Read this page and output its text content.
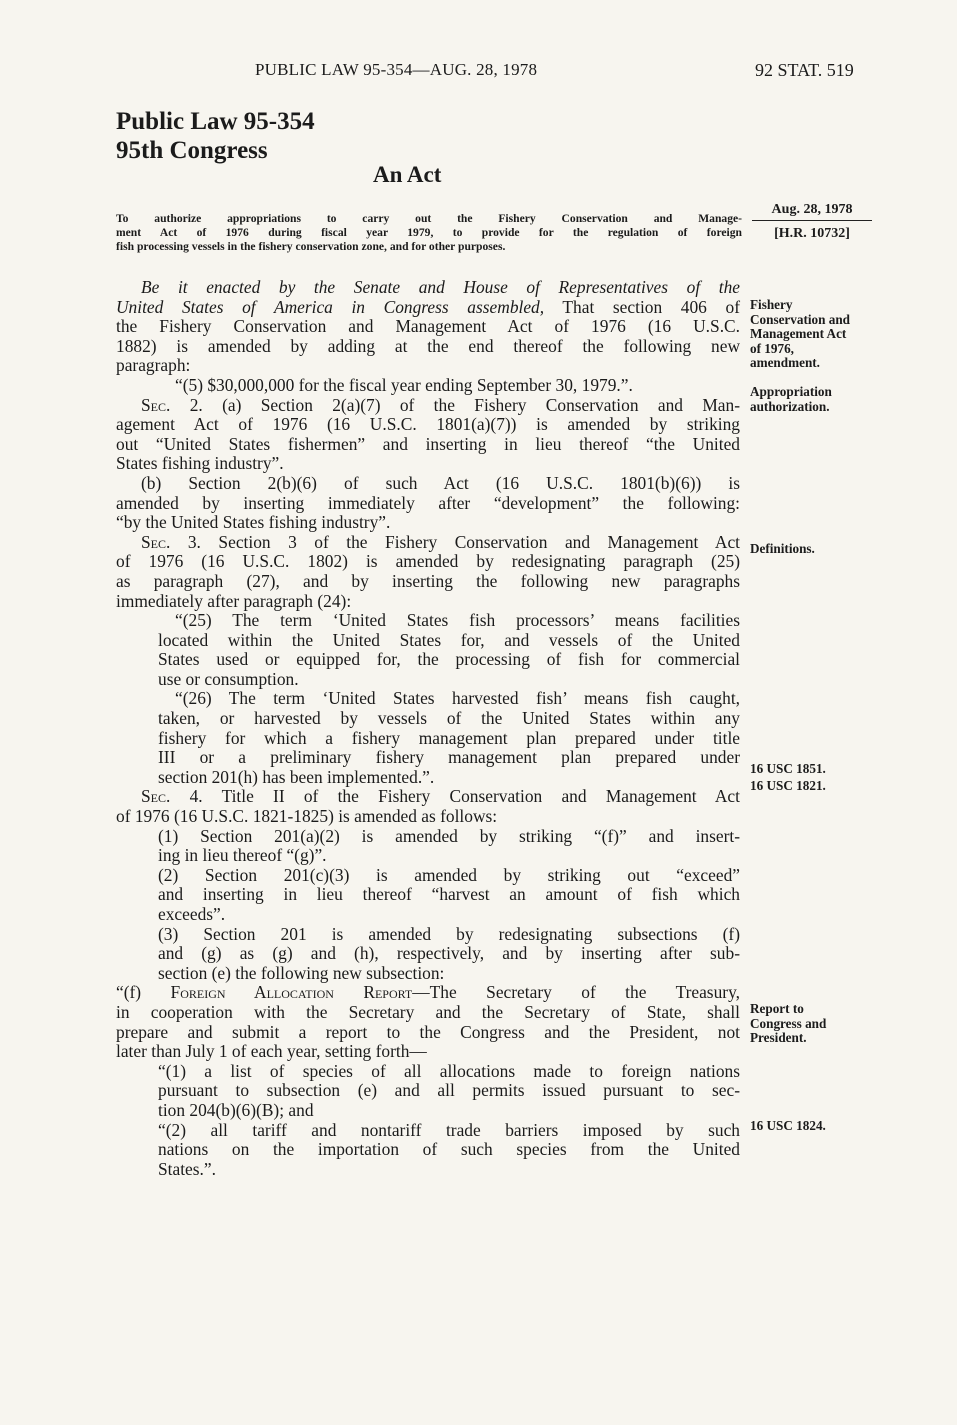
PUBLIC LAW 95-354—AUG. 28, 1978	92 STAT. 519
Public Law 95-354
95th Congress
An Act
To authorize appropriations to carry out the Fishery Conservation and Manage-
ment Act of 1976 during fiscal year 1979, to provide for the regulation of foreign
fish processing vessels in the fishery conservation zone, and for other purposes.
Aug. 28, 1978
[H.R. 10732]
Be it enacted by the Senate and House of Representatives of the
United States of America in Congress assembled, That section 406 of
the Fishery Conservation and Management Act of 1976 (16 U.S.C.
1882) is amended by adding at the end thereof the following new
paragraph:
“(5) $30,000,000 for the fiscal year ending September 30, 1979.”.
Sec. 2. (a) Section 2(a)(7) of the Fishery Conservation and Man-
agement Act of 1976 (16 U.S.C. 1801(a)(7)) is amended by striking
out “United States fishermen” and inserting in lieu thereof “the United
States fishing industry”.
(b) Section 2(b)(6) of such Act (16 U.S.C. 1801(b)(6)) is
amended by inserting immediately after “development” the following:
“by the United States fishing industry”.
Sec. 3. Section 3 of the Fishery Conservation and Management Act
of 1976 (16 U.S.C. 1802) is amended by redesignating paragraph (25)
as paragraph (27), and by inserting the following new paragraphs
immediately after paragraph (24):
“(25) The term ‘United States fish processors’ means facilities
located within the United States for, and vessels of the United
States used or equipped for, the processing of fish for commercial
use or consumption.
“(26) The term ‘United States harvested fish’ means fish caught,
taken, or harvested by vessels of the United States within any
fishery for which a fishery management plan prepared under title
III or a preliminary fishery management plan prepared under
section 201(h) has been implemented.”.
Sec. 4. Title II of the Fishery Conservation and Management Act
of 1976 (16 U.S.C. 1821-1825) is amended as follows:
(1) Section 201(a)(2) is amended by striking “(f)” and insert-
ing in lieu thereof “(g)”.
(2) Section 201(c)(3) is amended by striking out “exceed”
and inserting in lieu thereof “harvest an amount of fish which
exceeds”.
(3) Section 201 is amended by redesignating subsections (f)
and (g) as (g) and (h), respectively, and by inserting after sub-
section (e) the following new subsection:
“(f) Foreign Allocation Report—The Secretary of the Treasury,
in cooperation with the Secretary and the Secretary of State, shall
prepare and submit a report to the Congress and the President, not
later than July 1 of each year, setting forth—
“(1) a list of species of all allocations made to foreign nations
pursuant to subsection (e) and all permits issued pursuant to sec-
tion 204(b)(6)(B); and
“(2) all tariff and nontariff trade barriers imposed by such
nations on the importation of such species from the United
States.”.
Fishery
Conservation and
Management Act
of 1976,
amendment.
Appropriation
authorization.
Definitions.
16 USC 1851.
16 USC 1821.
Report to
Congress and
President.
16 USC 1824.
